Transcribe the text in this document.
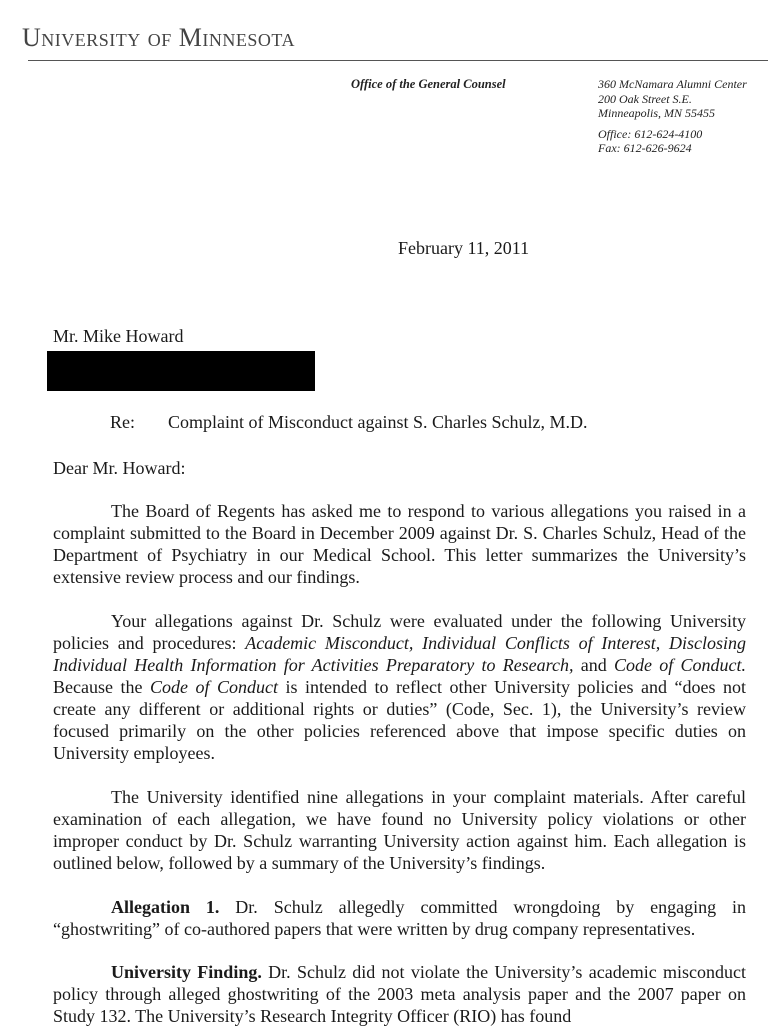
University of Minnesota
Office of the General Counsel	360 McNamara Alumni Center
200 Oak Street S.E.
Minneapolis, MN 55455
Office: 612-624-4100
Fax: 612-626-9624
February 11, 2011
Mr. Mike Howard
Re: Complaint of Misconduct against S. Charles Schulz, M.D.
Dear Mr. Howard:

The Board of Regents has asked me to respond to various allegations you raised in a complaint submitted to the Board in December 2009 against Dr. S. Charles Schulz, Head of the Department of Psychiatry in our Medical School. This letter summarizes the University’s extensive review process and our findings.

Your allegations against Dr. Schulz were evaluated under the following University policies and procedures: Academic Misconduct, Individual Conflicts of Interest, Disclosing Individual Health Information for Activities Preparatory to Research, and Code of Conduct. Because the Code of Conduct is intended to reflect other University policies and “does not create any different or additional rights or duties” (Code, Sec. 1), the University’s review focused primarily on the other policies referenced above that impose specific duties on University employees.

The University identified nine allegations in your complaint materials. After careful examination of each allegation, we have found no University policy violations or other improper conduct by Dr. Schulz warranting University action against him. Each allegation is outlined below, followed by a summary of the University’s findings.

Allegation 1. Dr. Schulz allegedly committed wrongdoing by engaging in “ghostwriting” of co-authored papers that were written by drug company representatives.

University Finding. Dr. Schulz did not violate the University’s academic misconduct policy through alleged ghostwriting of the 2003 meta analysis paper and the 2007 paper on Study 132. The University’s Research Integrity Officer (RIO) has found
